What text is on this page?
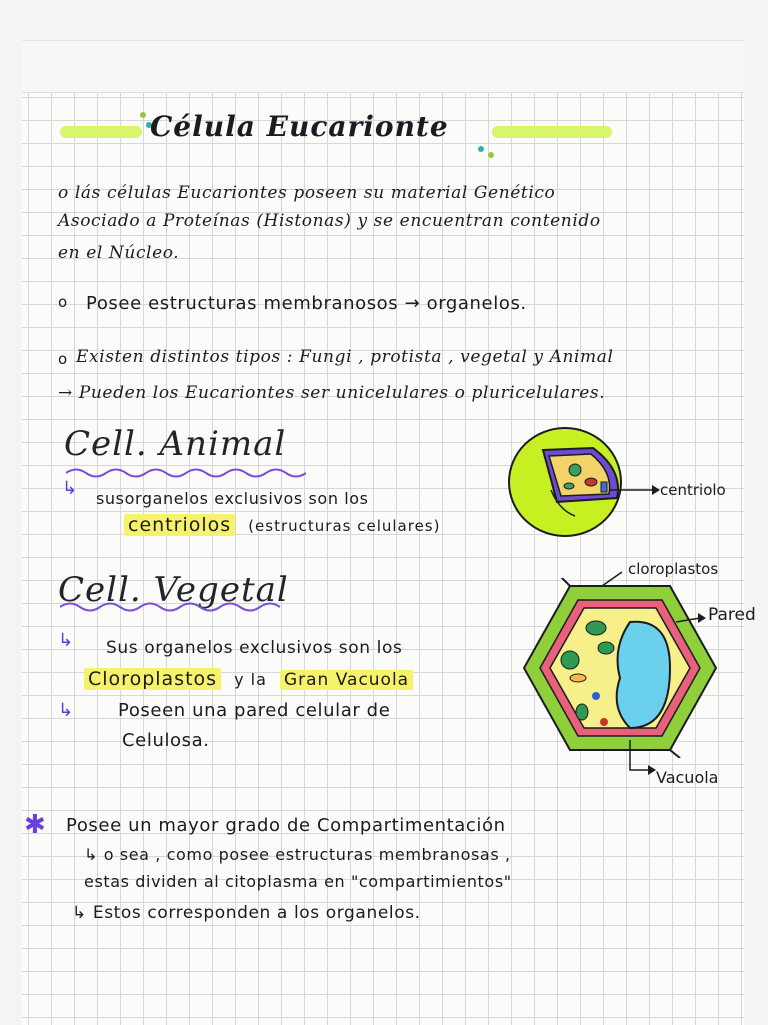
Célula Eucarionte
o lás células Eucariontes poseen su material Genético
Asociado a Proteínas (Histonas) y se encuentran contenido
en el Núcleo.
o Posee estructuras membranosos → organelos.
o Existen distintos tipos : Fungi , protista , vegetal y Animal
→ Pueden los Eucariontes ser unicelulares o pluricelulares.
Cell. Animal
↳ susorganelos exclusivos son los
centriolos (estructuras celulares)
centriolo
Cell. Vegetal
↳ Sus organelos exclusivos son los
Cloroplastos y la Gran Vacuola
↳ Poseen una pared celular de
Celulosa.
cloroplastos
Pared
Vacuola
✱ Posee un mayor grado de Compartimentación
↳ o sea , como posee estructuras membranosas ,
estas dividen al citoplasma en "compartimientos"
↳ Estos corresponden a los organelos.
